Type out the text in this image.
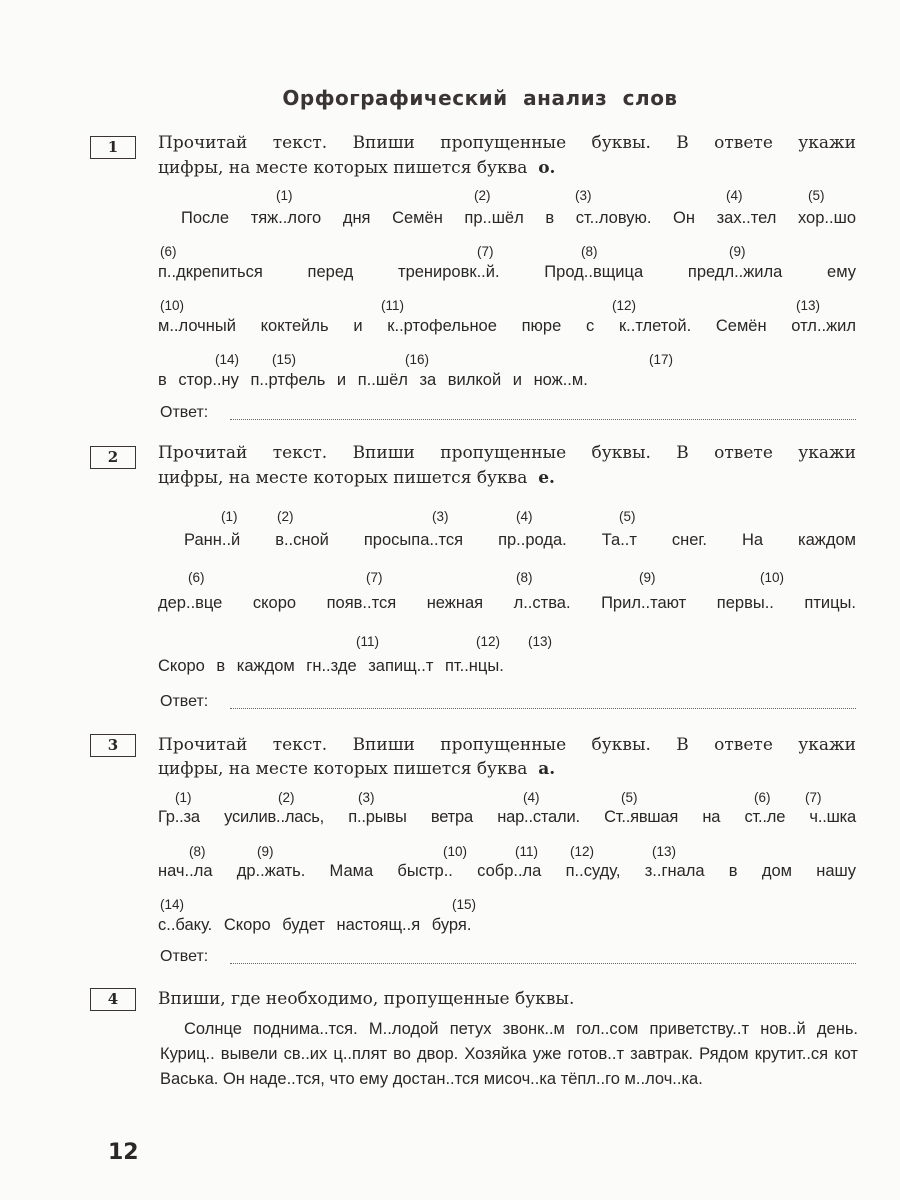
Орфографический анализ слов
1	Прочитай текст. Впиши пропущенные буквы. В ответе укажи
цифры, на месте которых пишется буква о.
(1)	(2)	(3)	(4)	(5)
После тяж..лого дня Семён пр..шёл в ст..ловую. Он зах..тел хор..шо
(6)	(7)	(8)	(9)
п..дкрепиться перед тренировк..й. Прод..вщица предл..жила ему
(10)	(11)	(12)	(13)
м..лочный коктейль и к..ртофельное пюре с к..тлетой. Семён отл..жил
(14) (15)	(16)	(17)
в стор..ну п..ртфель и п..шёл за вилкой и нож..м.
Ответ:
2	Прочитай текст. Впиши пропущенные буквы. В ответе укажи
цифры, на месте которых пишется буква е.
(1)	(2)	(3)	(4)	(5)
Ранн..й в..сной просыпа..тся пр..рода. Та..т снег. На каждом
(6)	(7)	(8)	(9)	(10)
дер..вце скоро появ..тся нежная л..ства. Прил..тают первы.. птицы.
(11)	(12) (13)
Скоро в каждом гн..зде запищ..т пт..нцы.
Ответ:
3	Прочитай текст. Впиши пропущенные буквы. В ответе укажи
цифры, на месте которых пишется буква а.
(1)	(2)	(3)	(4)	(5)	(6)	(7)
Гр..за усилив..лась, п..рывы ветра нар..стали. Ст..явшая на ст..ле ч..шка
(8)	(9)	(10)	(11) (12)	(13)
нач..ла др..жать. Мама быстр.. собр..ла п..суду, з..гнала в дом нашу
(14)	(15)
с..баку. Скоро будет настоящ..я буря.
Ответ:
4	Впиши, где необходимо, пропущенные буквы.
Солнце поднима..тся. М..лодой петух звонк..м гол..сом приветству..т нов..й день. Куриц.. вывели св..их ц..плят во двор. Хозяйка уже готов..т завтрак. Рядом крутит..ся кот Васька. Он наде..тся, что ему достан..тся мисоч..ка тёпл..го м..лоч..ка.
12
